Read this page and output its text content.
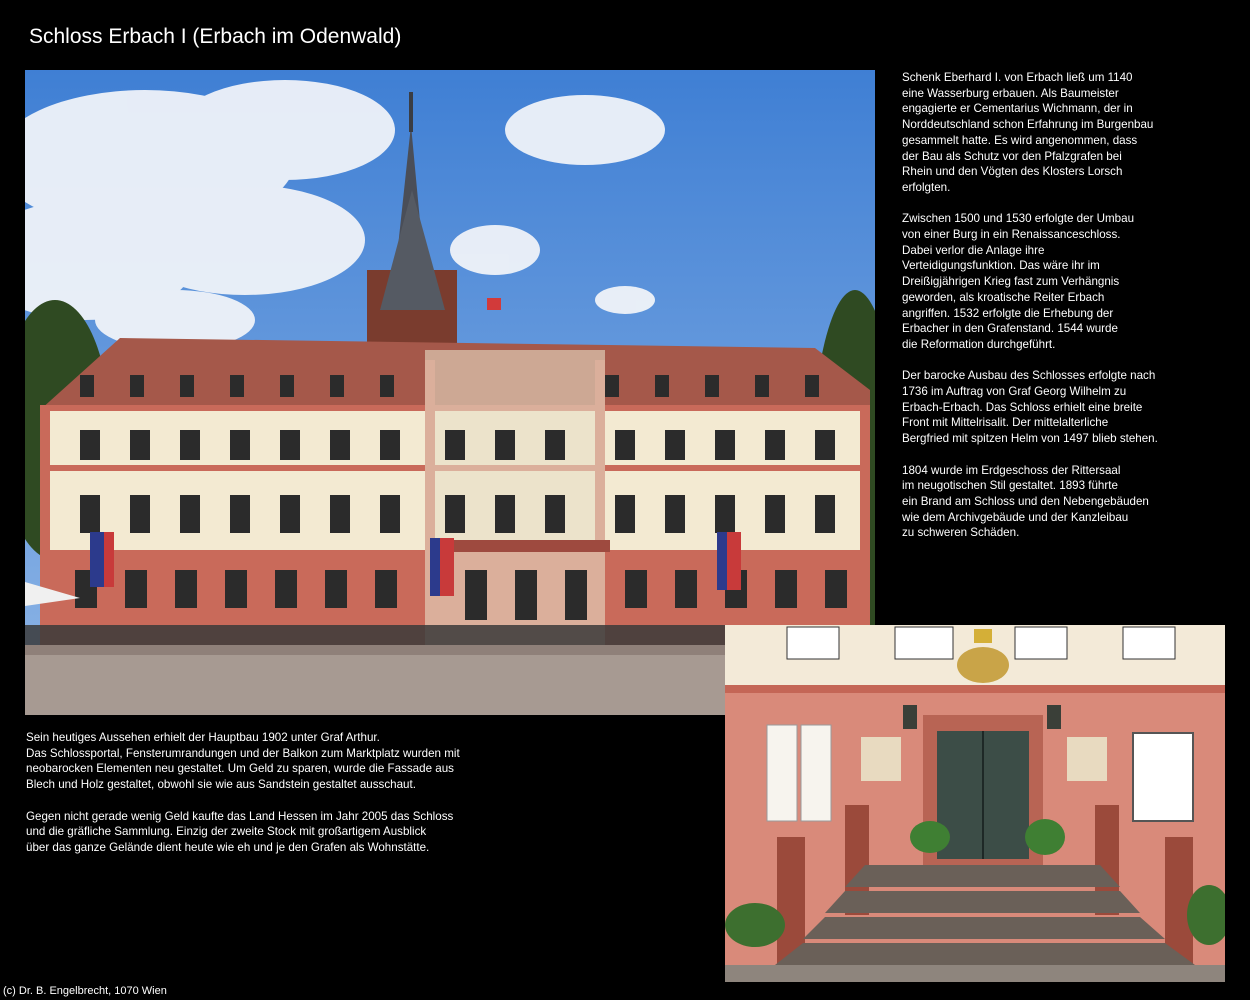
Schloss Erbach I (Erbach im Odenwald)

Schenk Eberhard I. von Erbach ließ um 1140
eine Wasserburg erbauen. Als Baumeister
engagierte er Cementarius Wichmann, der in
Norddeutschland schon Erfahrung im Burgenbau
gesammelt hatte. Es wird angenommen, dass
der Bau als Schutz vor den Pfalzgrafen bei
Rhein und den Vögten des Klosters Lorsch
erfolgten.

Zwischen 1500 und 1530 erfolgte der Umbau
von einer Burg in ein Renaissanceschloss.
Dabei verlor die Anlage ihre
Verteidigungsfunktion. Das wäre ihr im
Dreißigjährigen Krieg fast zum Verhängnis
geworden, als kroatische Reiter Erbach
angriffen. 1532 erfolgte die Erhebung der
Erbacher in den Grafenstand. 1544 wurde
die Reformation durchgeführt.

Der barocke Ausbau des Schlosses erfolgte nach
1736 im Auftrag von Graf Georg Wilhelm zu
Erbach-Erbach. Das Schloss erhielt eine breite
Front mit Mittelrisalit. Der mittelalterliche
Bergfried mit spitzen Helm von 1497 blieb stehen.

1804 wurde im Erdgeschoss der Rittersaal
im neugotischen Stil gestaltet. 1893 führte
ein Brand am Schloss und den Nebengebäuden
wie dem Archivgebäude und der Kanzleibau
zu schweren Schäden.

Sein heutiges Aussehen erhielt der Hauptbau 1902 unter Graf Arthur.
Das Schlossportal, Fensterumrandungen und der Balkon zum Marktplatz wurden mit
neobarocken Elementen neu gestaltet. Um Geld zu sparen, wurde die Fassade aus
Blech und Holz gestaltet, obwohl sie wie aus Sandstein gestaltet ausschaut.

Gegen nicht gerade wenig Geld kaufte das Land Hessen im Jahr 2005 das Schloss
und die gräfliche Sammlung. Einzig der zweite Stock mit großartigem Ausblick
über das ganze Gelände dient heute wie eh und je den Grafen als Wohnstätte.

(c) Dr. B. Engelbrecht, 1070 Wien
